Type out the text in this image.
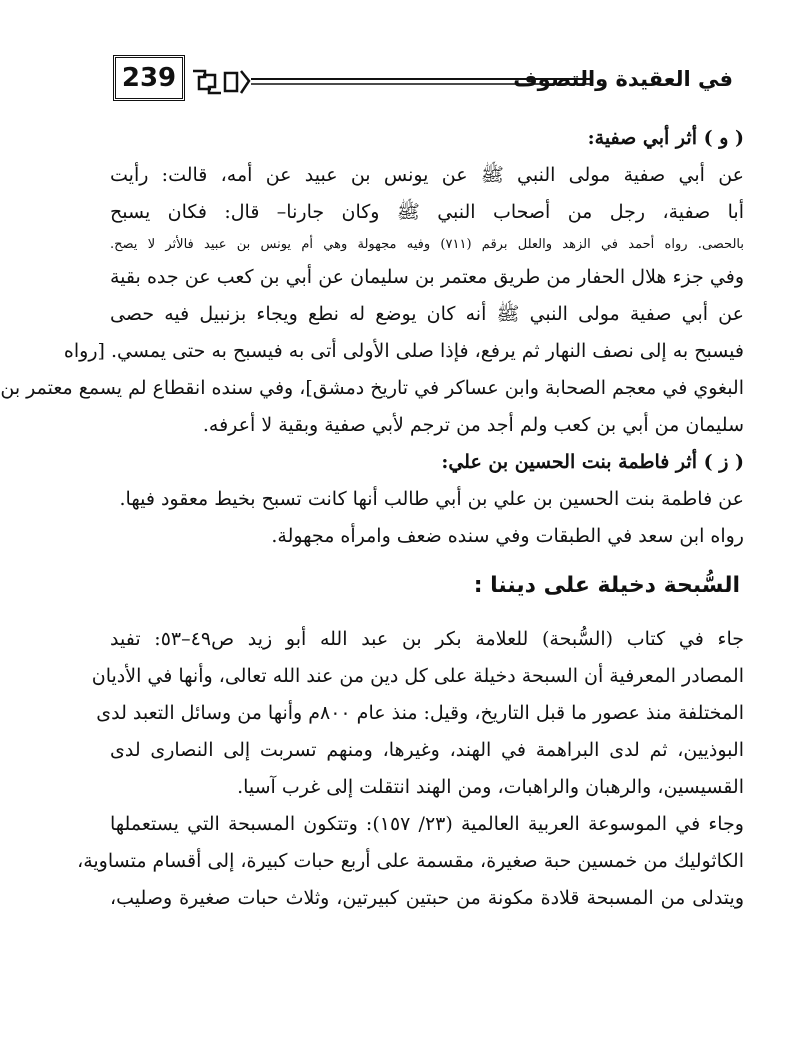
239	في العقيدة والتصوف
( و ) أثر أبي صفية:
عن أبي صفية مولى النبي ﷺ عن يونس بن عبيد عن أمه، قالت: رأيت
أبا صفية، رجل من أصحاب النبي ﷺ وكان جارنا– قال: فكان يسبح
بالحصى. رواه أحمد في الزهد والعلل برقم (٧١١) وفيه مجهولة وهي أم يونس بن عبيد فالأثر لا يصح.
وفي جزء هلال الحفار من طريق معتمر بن سليمان عن أبي بن كعب عن جده بقية
عن أبي صفية مولى النبي ﷺ أنه كان يوضع له نطع ويجاء بزنبيل فيه حصى
فيسبح به إلى نصف النهار ثم يرفع، فإذا صلى الأولى أتى به فيسبح به حتى يمسي. [رواه
البغوي في معجم الصحابة وابن عساكر في تاريخ دمشق]، وفي سنده انقطاع لم يسمع معتمر بن
سليمان من أبي بن كعب ولم أجد من ترجم لأبي صفية وبقية لا أعرفه.
( ز ) أثر فاطمة بنت الحسين بن علي:
عن فاطمة بنت الحسين بن علي بن أبي طالب أنها كانت تسبح بخيط معقود فيها.
رواه ابن سعد في الطبقات وفي سنده ضعف وامرأه مجهولة.
السُّبحة دخيلة على ديننا :
جاء في كتاب (السُّبحة) للعلامة بكر بن عبد الله أبو زيد ص٤٩–٥٣: تفيد
المصادر المعرفية أن السبحة دخيلة على كل دين من عند الله تعالى، وأنها في الأديان
المختلفة منذ عصور ما قبل التاريخ، وقيل: منذ عام ٨٠٠م وأنها من وسائل التعبد لدى
البوذيين، ثم لدى البراهمة في الهند، وغيرها، ومنهم تسربت إلى النصارى لدى
القسيسين، والرهبان والراهبات، ومن الهند انتقلت إلى غرب آسيا.
وجاء في الموسوعة العربية العالمية (٢٣/ ١٥٧): وتتكون المسبحة التي يستعملها
الكاثوليك من خمسين حبة صغيرة، مقسمة على أربع حبات كبيرة، إلى أقسام متساوية،
ويتدلى من المسبحة قلادة مكونة من حبتين كبيرتين، وثلاث حبات صغيرة وصليب،
